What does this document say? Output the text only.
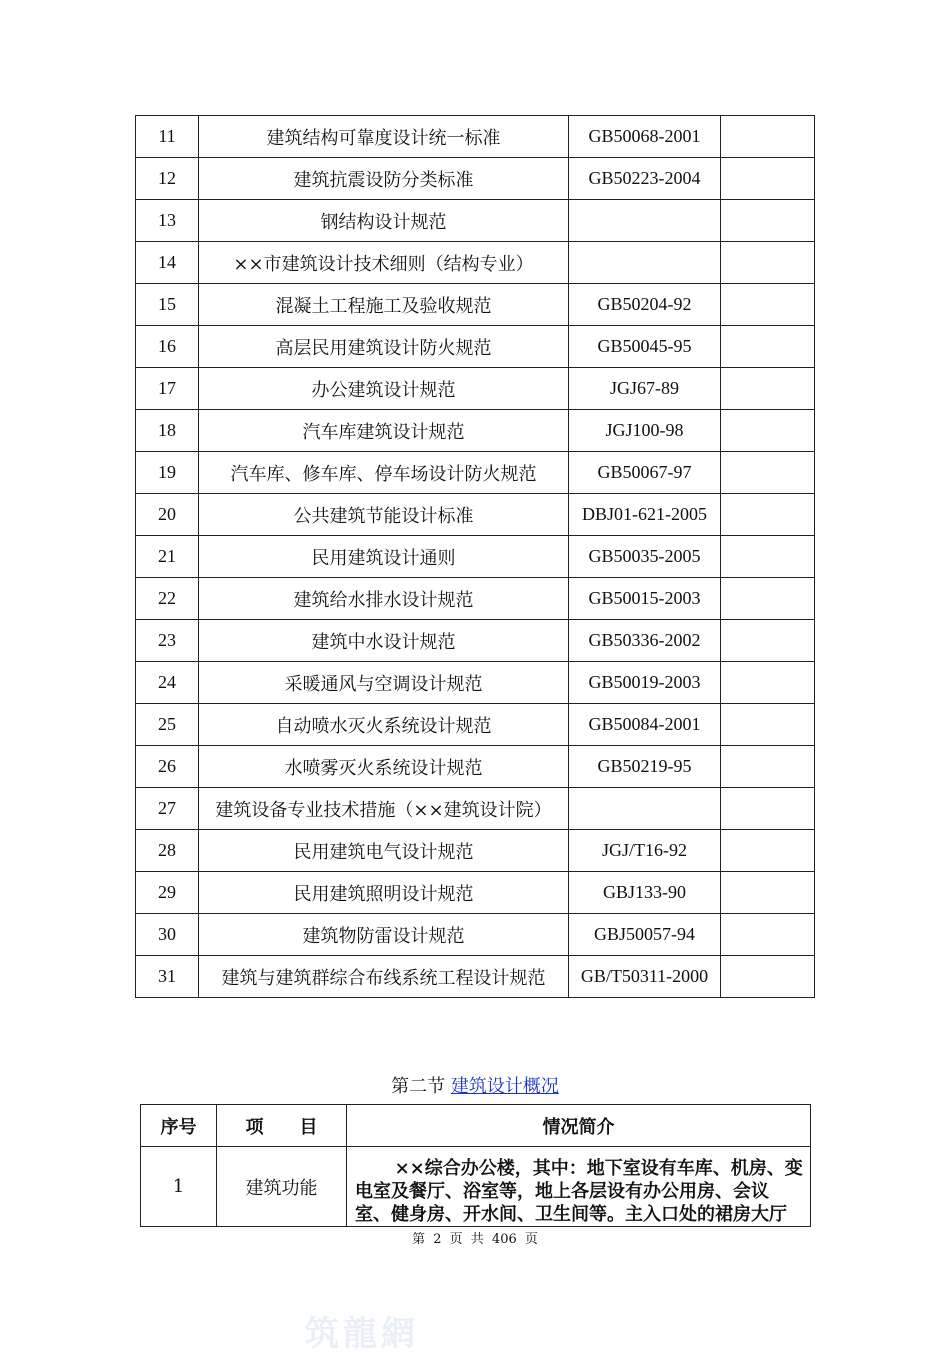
11	建筑结构可靠度设计统一标准	GB50068-2001	
12	建筑抗震设防分类标准	GB50223-2004	
13	钢结构设计规范		
14	××市建筑设计技术细则（结构专业）		
15	混凝土工程施工及验收规范	GB50204-92	
16	高层民用建筑设计防火规范	GB50045-95	
17	办公建筑设计规范	JGJ67-89	
18	汽车库建筑设计规范	JGJ100-98	
19	汽车库、修车库、停车场设计防火规范	GB50067-97	
20	公共建筑节能设计标准	DBJ01-621-2005	
21	民用建筑设计通则	GB50035-2005	
22	建筑给水排水设计规范	GB50015-2003	
23	建筑中水设计规范	GB50336-2002	
24	采暖通风与空调设计规范	GB50019-2003	
25	自动喷水灭火系统设计规范	GB50084-2001	
26	水喷雾灭火系统设计规范	GB50219-95	
27	建筑设备专业技术措施（××建筑设计院）		
28	民用建筑电气设计规范	JGJ/T16-92	
29	民用建筑照明设计规范	GBJ133-90	
30	建筑物防雷设计规范	GBJ50057-94	
31	建筑与建筑群综合布线系统工程设计规范	GB/T50311-2000	
第二节 建筑设计概况
序号	项　　目	情况简介
1	建筑功能	××综合办公楼，其中：地下室设有车库、机房、变电室及餐厅、浴室等，地上各层设有办公用房、会议室、健身房、开水间、卫生间等。主入口处的裙房大厅
第 2 页 共 406 页
筑龍網
